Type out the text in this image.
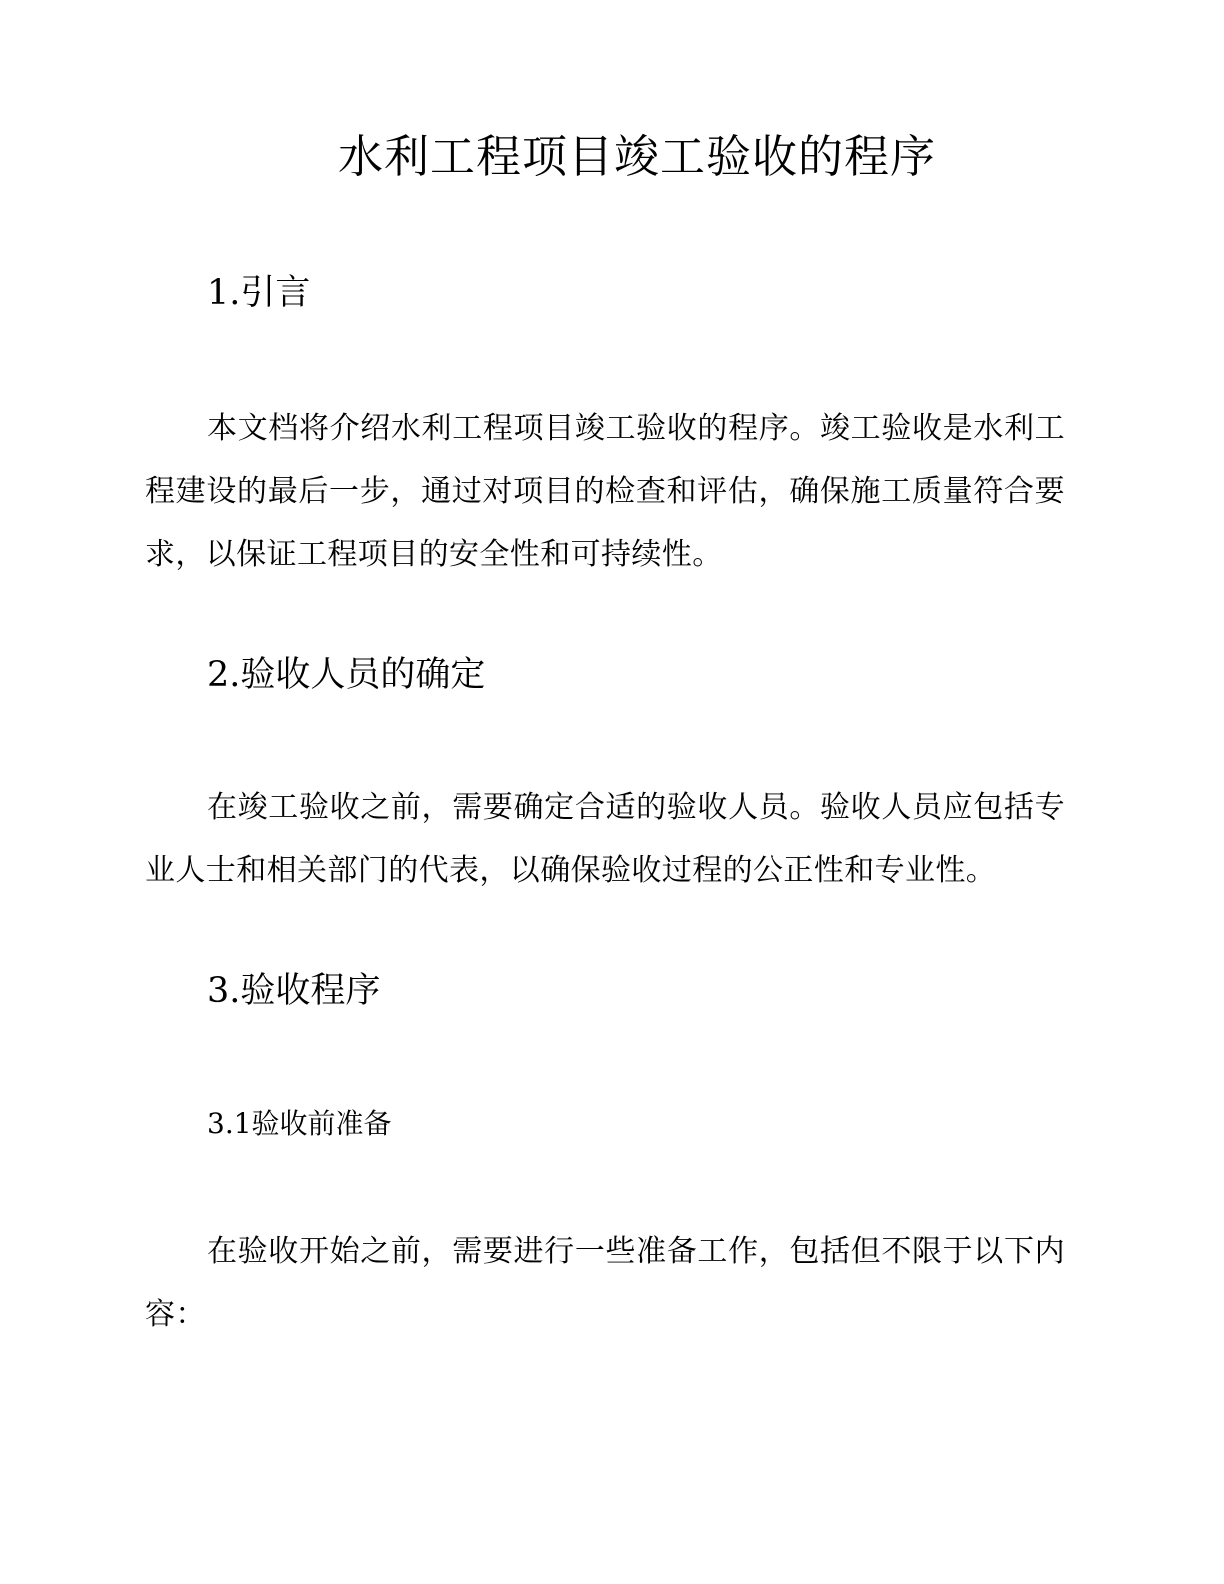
水利工程项目竣工验收的程序
1.引言

本文档将介绍水利工程项目竣工验收的程序。竣工验收是水利工程建设的最后一步，通过对项目的检查和评估，确保施工质量符合要求，以保证工程项目的安全性和可持续性。

2.验收人员的确定

在竣工验收之前，需要确定合适的验收人员。验收人员应包括专业人士和相关部门的代表，以确保验收过程的公正性和专业性。

3.验收程序
3.1验收前准备

在验收开始之前，需要进行一些准备工作，包括但不限于以下内容：
